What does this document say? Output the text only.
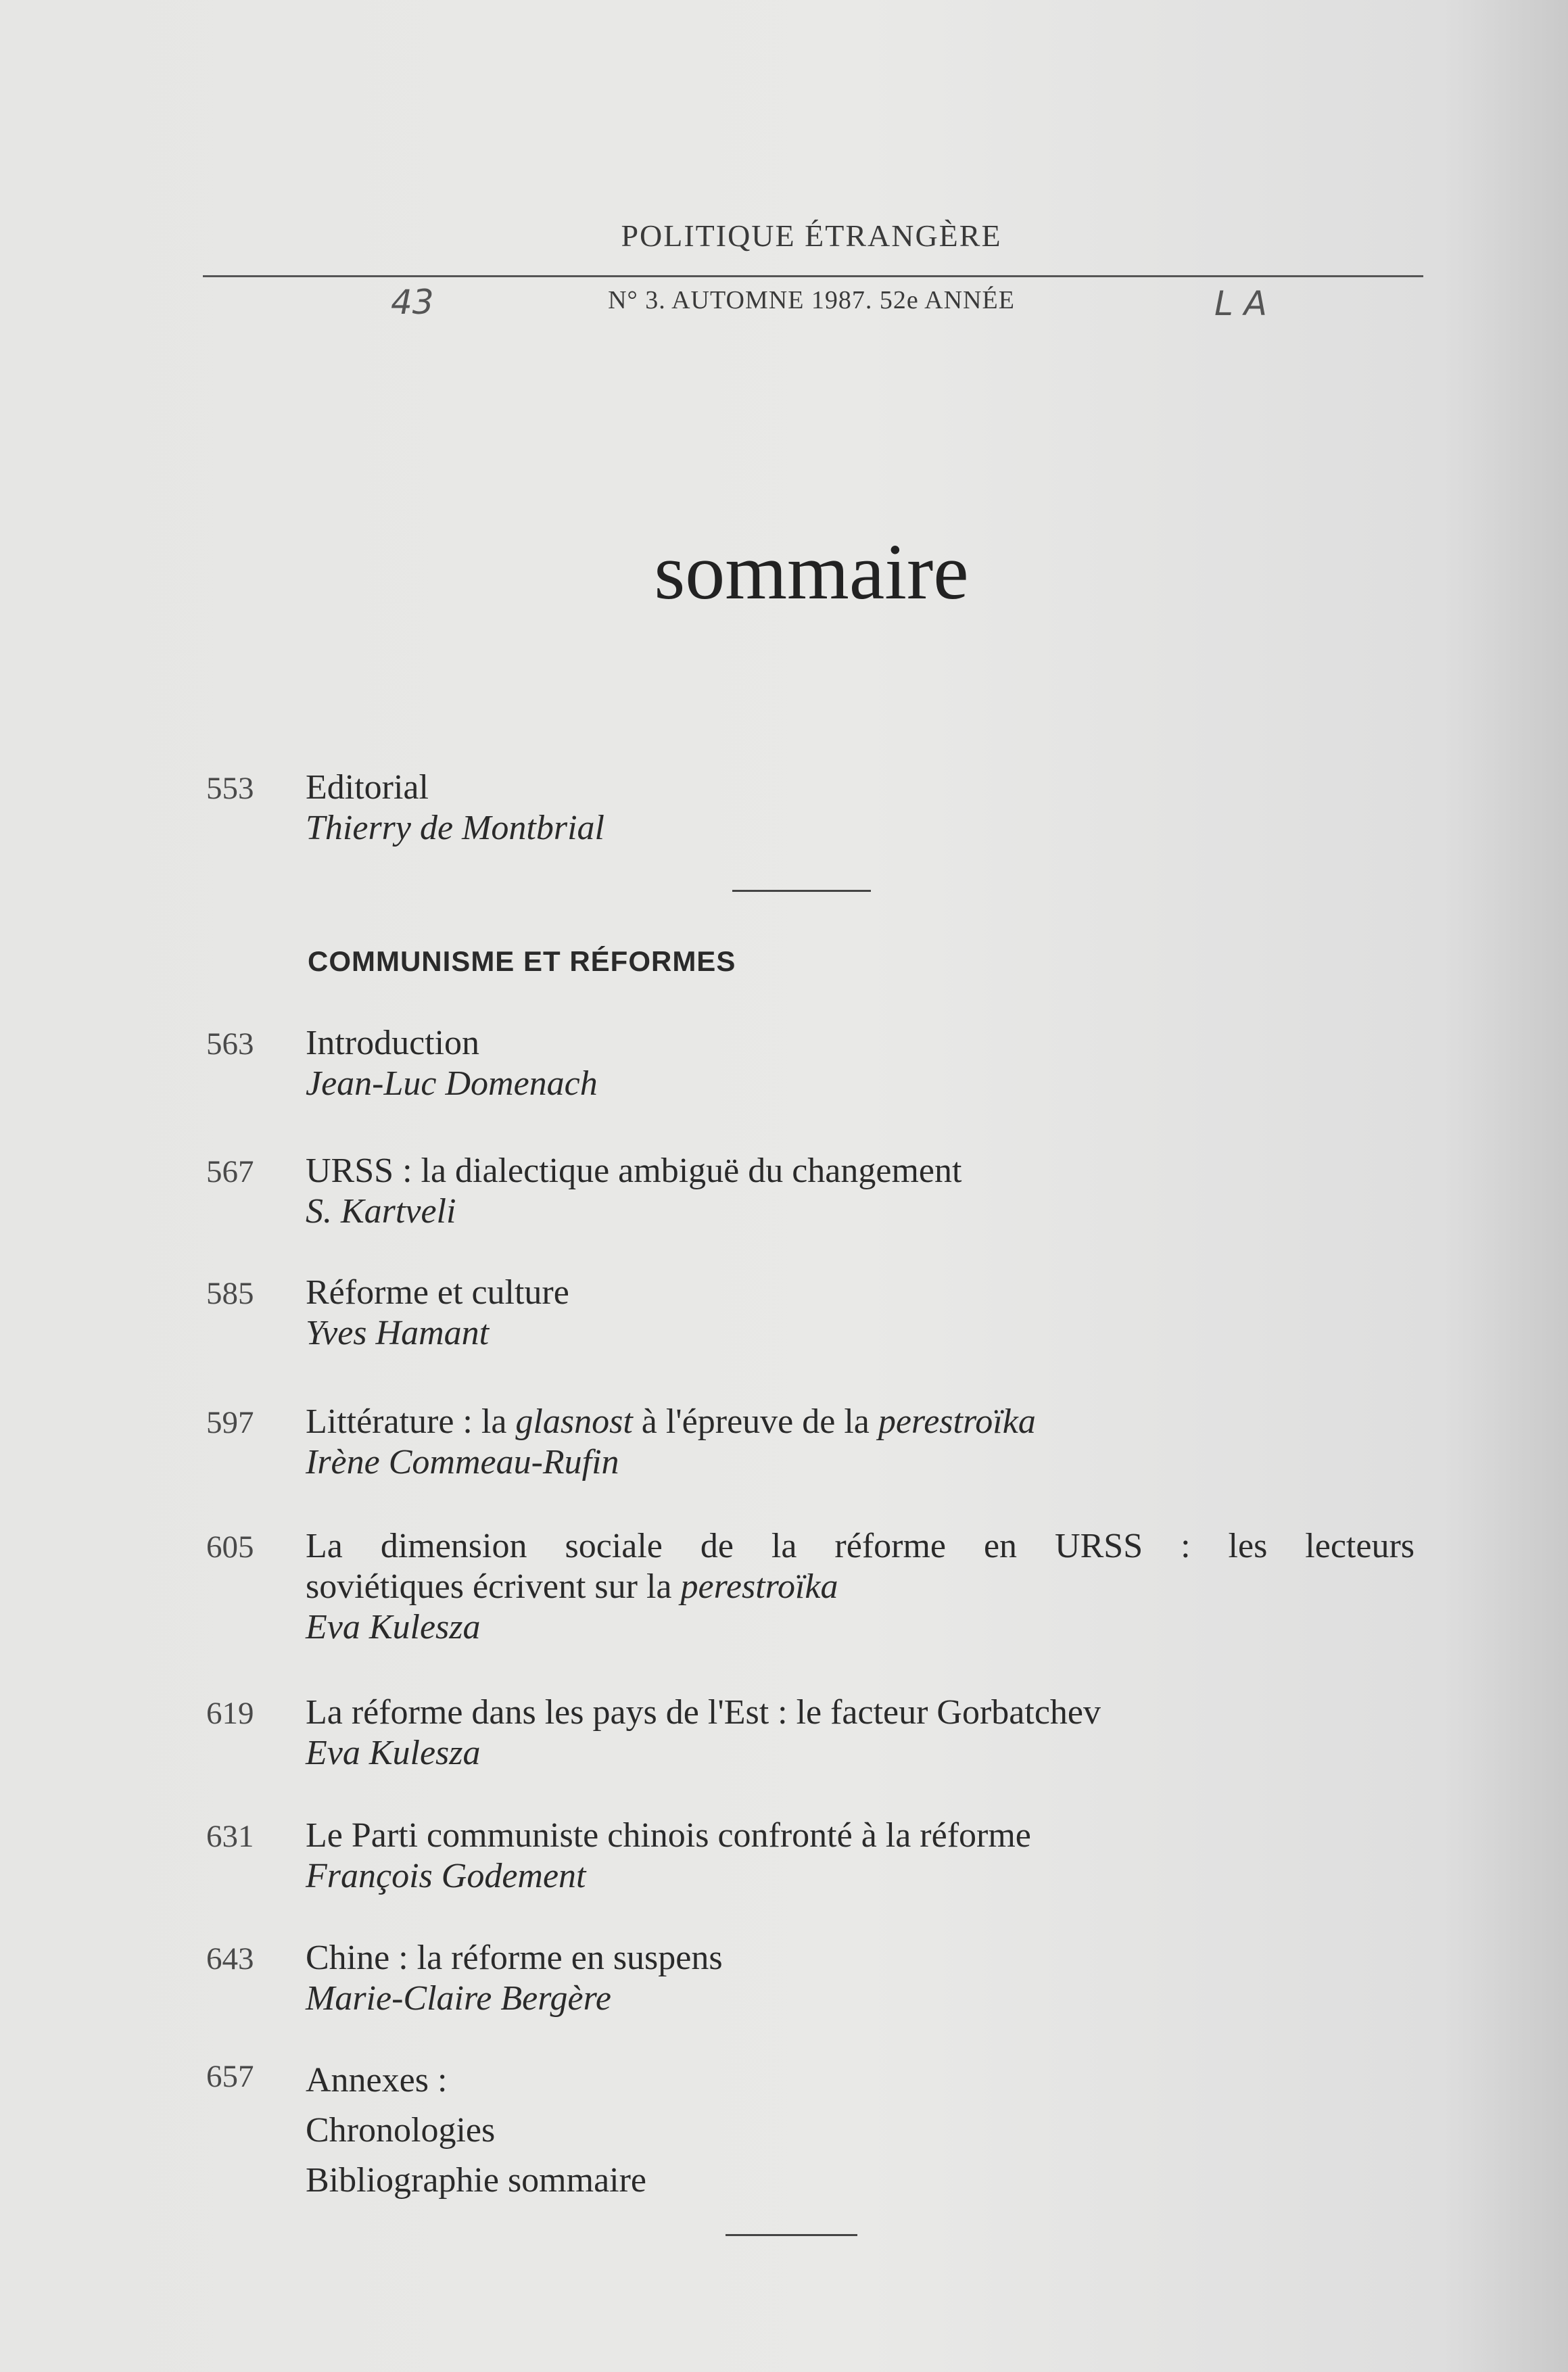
POLITIQUE ÉTRANGÈRE
N° 3. AUTOMNE 1987. 52e ANNÉE
43	L A
sommaire
553 Editorial
Thierry de Montbrial
COMMUNISME ET RÉFORMES
563 Introduction
Jean-Luc Domenach
567 URSS : la dialectique ambiguë du changement
S. Kartveli
585 Réforme et culture
Yves Hamant
597 Littérature : la glasnost à l'épreuve de la perestroïka
Irène Commeau-Rufin
605 La dimension sociale de la réforme en URSS : les lecteurs
soviétiques écrivent sur la perestroïka
Eva Kulesza
619 La réforme dans les pays de l'Est : le facteur Gorbatchev
Eva Kulesza
631 Le Parti communiste chinois confronté à la réforme
François Godement
643 Chine : la réforme en suspens
Marie-Claire Bergère
657 Annexes :
Chronologies
Bibliographie sommaire
